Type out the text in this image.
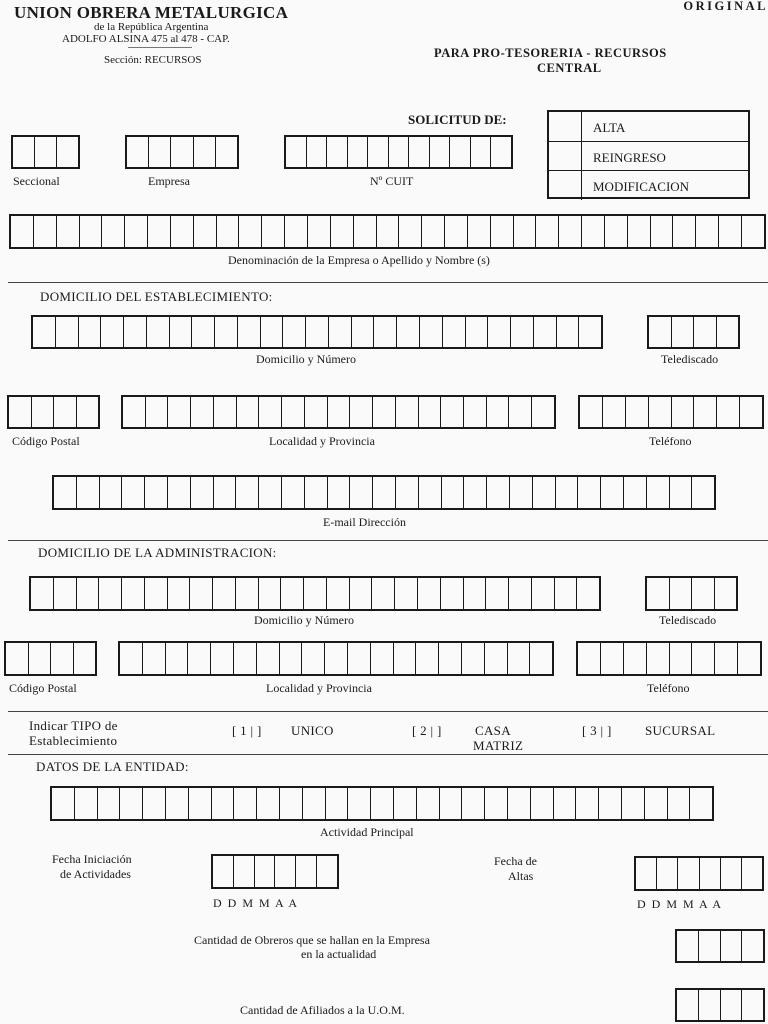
UNION OBRERA METALURGICA
de la República Argentina
ADOLFO ALSINA 475 al 478 - CAP.
Sección: RECURSOS
ORIGINAL
PARA PRO-TESORERIA - RECURSOS
CENTRAL
SOLICITUD DE:
ALTA
REINGRESO
MODIFICACION
Seccional	Empresa	Nº CUIT
Denominación de la Empresa o Apellido y Nombre (s)
DOMICILIO DEL ESTABLECIMIENTO:
Domicilio y Número	Telediscado
Código Postal	Localidad y Provincia	Teléfono
E-mail Dirección
DOMICILIO DE LA ADMINISTRACION:
Domicilio y Número	Telediscado
Código Postal	Localidad y Provincia	Teléfono
Indicar TIPO de
Establecimiento
[ 1 | ] UNICO	[ 2 | ]	CASA
MATRIZ
[ 3 | ]	SUCURSAL
DATOS DE LA ENTIDAD:
Actividad Principal
Fecha Iniciación
de Actividades
D D M M A A
Fecha de
Altas
D D M M A A
Cantidad de Obreros que se hallan en la Empresa
en la actualidad
Cantidad de Afiliados a la U.O.M.
